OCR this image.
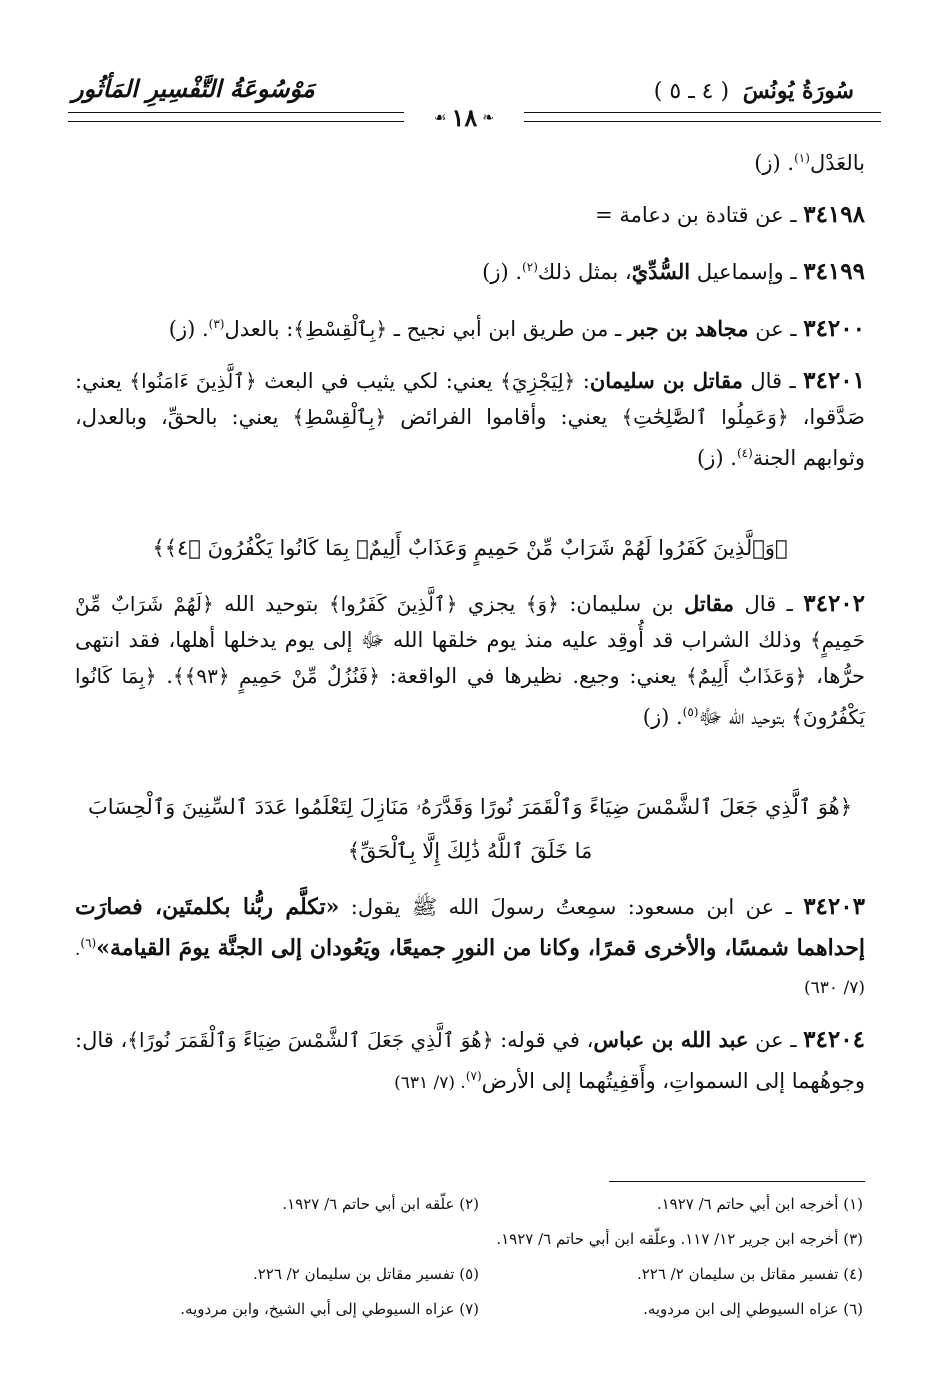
سُورَةُ يُونُسَ ( ٤ ـ ٥ )
مَوْسُوعَةُ التَّفْسِيرِ المَأثُور
❧ ١٨ ☙

بالعَدْل$^{(١)}$. (ز)

٣٤١٩٨ ـ عن قتادة بن دعامة =

٣٤١٩٩ ـ وإسماعيل السُّدِّيّ، بمثل ذلك$^{(٢)}$. (ز)

٣٤٢٠٠ ـ عن مجاهد بن جبر ـ من طريق ابن أبي نجيح ـ ﴿بِٱلْقِسْطِ﴾: بالعدل$^{(٣)}$. (ز)

٣٤٢٠١ ـ قال مقاتل بن سليمان: ﴿لِيَجْزِيَ﴾ يعني: لكي يثيب في البعث ﴿ٱلَّذِينَ ءَامَنُوا﴾ يعني: صَدَّقوا، ﴿وَعَمِلُوا ٱلصَّٰلِحَٰتِ﴾ يعني: وأقاموا الفرائض ﴿بِٱلْقِسْطِ﴾ يعني: بالحقِّ، وبالعدل، وثوابهم الجنة$^{(٤)}$. (ز)

﴿وَٱلَّذِينَ كَفَرُوا لَهُمْ شَرَابٌ مِّنْ حَمِيمٍ وَعَذَابٌ أَلِيمٌۢ بِمَا كَانُوا يَكْفُرُونَ ﴿٤﴾﴾

٣٤٢٠٢ ـ قال مقاتل بن سليمان: ﴿وَ﴾ يجزي ﴿ٱلَّذِينَ كَفَرُوا﴾ بتوحيد الله ﴿لَهُمْ شَرَابٌ مِّنْ حَمِيمٍ﴾ وذلك الشراب قد أُوقِد عليه منذ يوم خلقها الله ﷻ إلى يوم يدخلها أهلها، فقد انتهى حرُّها، ﴿وَعَذَابٌ أَلِيمٌ﴾ يعني: وجيع. نظيرها في الواقعة: ﴿فَنُزُلٌ مِّنْ حَمِيمٍ ﴿٩٣﴾﴾. ﴿بِمَا كَانُوا يَكْفُرُونَ﴾ بتوحيد الله ﷻ$^{(٥)}$. (ز)

﴿هُوَ ٱلَّذِي جَعَلَ ٱلشَّمْسَ ضِيَاءً وَٱلْقَمَرَ نُورًا وَقَدَّرَهُۥ مَنَازِلَ لِتَعْلَمُوا عَدَدَ ٱلسِّنِينَ وَٱلْحِسَابَ

مَا خَلَقَ ٱللَّهُ ذَٰلِكَ إِلَّا بِٱلْحَقِّ﴾

٣٤٢٠٣ ـ عن ابن مسعود: سمِعتُ رسولَ الله ﷺ يقول: «تكلَّم ربُّنا بكلمتَين، فصارَت إحداهما شمسًا، والأخرى قمرًا، وكانا من النورِ جميعًا، ويَعُودان إلى الجنَّة يومَ القيامة»$^{(٦)}$. (٧/ ٦٣٠)

٣٤٢٠٤ ـ عن عبد الله بن عباس، في قوله: ﴿هُوَ ٱلَّذِي جَعَلَ ٱلشَّمْسَ ضِيَاءً وَٱلْقَمَرَ نُورًا﴾، قال: وجوهُهما إلى السمواتِ، وأَقفِيتُهما إلى الأرض$^{(٧)}$. (٧/ ٦٣١)

(١) أخرجه ابن أبي حاتم ٦/ ١٩٢٧.
(٢) علّقه ابن أبي حاتم ٦/ ١٩٢٧.
(٣) أخرجه ابن جرير ١٢/ ١١٧. وعلّقه ابن أبي حاتم ٦/ ١٩٢٧.
(٤) تفسير مقاتل بن سليمان ٢/ ٢٢٦.
(٥) تفسير مقاتل بن سليمان ٢/ ٢٢٦.
(٦) عزاه السيوطي إلى ابن مردويه.
(٧) عزاه السيوطي إلى أبي الشيخ، وابن مردويه.
